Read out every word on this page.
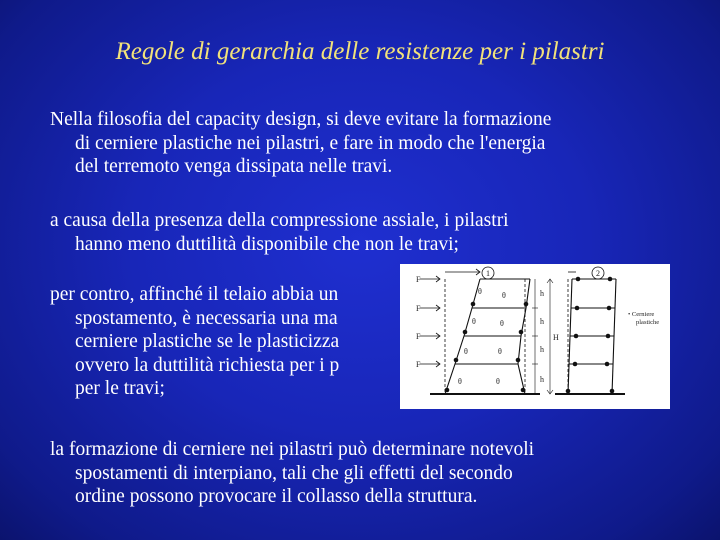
Regole di gerarchia delle resistenze per i pilastri
Nella filosofia del capacity design, si deve evitare la formazione
di cerniere plastiche nei pilastri, e fare in modo che l'energia
del terremoto venga dissipata nelle travi.
a causa della presenza della compressione assiale, i pilastri
hanno meno duttilità disponibile che non le travi;
per contro, affinché il telaio abbia un
spostamento, è necessaria una ma
cerniere plastiche se le plasticizza
ovvero la duttilità richiesta per i p
per le travi;
la formazione di cerniere nei pilastri può determinare notevoli
spostamenti di interpiano, tali che gli effetti del secondo
ordine possono provocare il collasso della struttura.
1
F
F
F
F
h
h
h
h
θ	θ
θ	θ
θ	θ
θ	θ
2
H
• Cerniere
plastiche
